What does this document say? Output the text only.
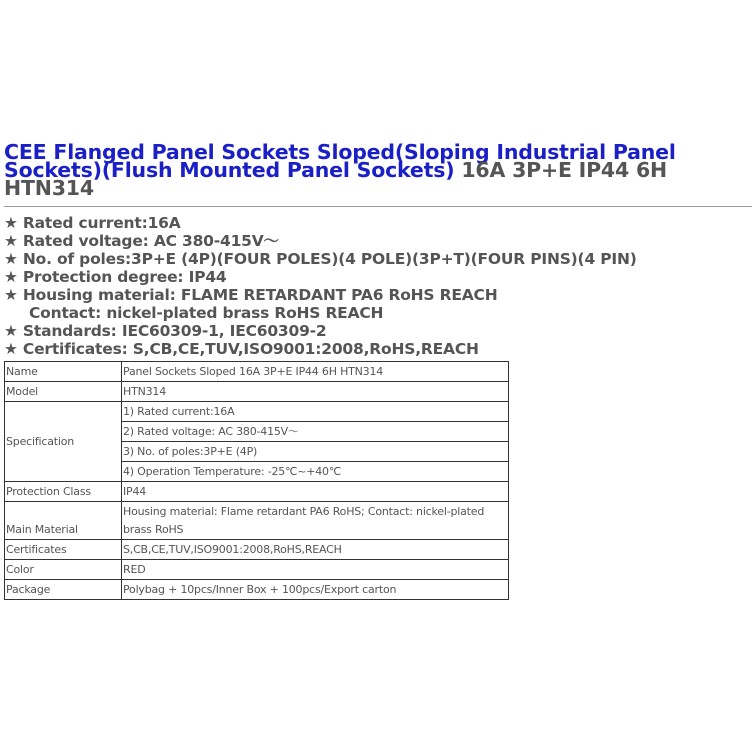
CEE Flanged Panel Sockets Sloped(Sloping Industrial Panel Sockets)(Flush Mounted Panel Sockets) 16A 3P+E IP44 6H HTN314
★ Rated current:16A
★ Rated voltage: AC 380-415V～
★ No. of poles:3P+E (4P)(FOUR POLES)(4 POLE)(3P+T)(FOUR PINS)(4 PIN)
★ Protection degree: IP44
★ Housing material: FLAME RETARDANT PA6 RoHS REACH
Contact: nickel-plated brass RoHS REACH
★ Standards: IEC60309-1, IEC60309-2
★ Certificates: S,CB,CE,TUV,ISO9001:2008,RoHS,REACH
Name	Panel Sockets Sloped 16A 3P+E IP44 6H HTN314
Model	HTN314
Specification	1) Rated current:16A
	2) Rated voltage: AC 380-415V～
	3) No. of poles:3P+E (4P)
	4) Operation Temperature: -25℃~+40℃
Protection Class	IP44
Main Material	Housing material: Flame retardant PA6 RoHS; Contact: nickel-plated brass RoHS
Certificates	S,CB,CE,TUV,ISO9001:2008,RoHS,REACH
Color	RED
Package	Polybag + 10pcs/Inner Box + 100pcs/Export carton
